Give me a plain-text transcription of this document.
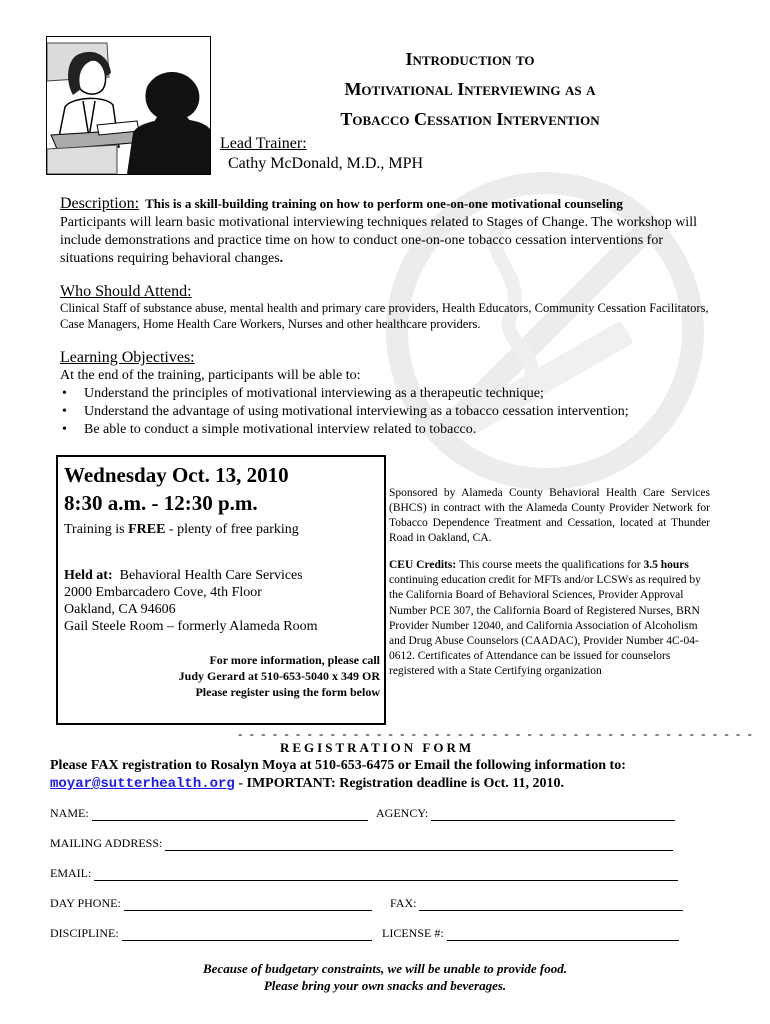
Introduction to
Motivational Interviewing as a
Tobacco Cessation Intervention
Lead Trainer:
Cathy McDonald, M.D., MPH
Description: This is a skill-building training on how to perform one-on-one motivational counseling
Participants will learn basic motivational interviewing techniques related to Stages of Change. The workshop will include demonstrations and practice time on how to conduct one-on-one tobacco cessation interventions for situations requiring behavioral changes.
Who Should Attend:
Clinical Staff of substance abuse, mental health and primary care providers, Health Educators, Community Cessation Facilitators, Case Managers, Home Health Care Workers, Nurses and other healthcare providers.
Learning Objectives:
At the end of the training, participants will be able to:
• Understand the principles of motivational interviewing as a therapeutic technique;
• Understand the advantage of using motivational interviewing as a tobacco cessation intervention;
• Be able to conduct a simple motivational interview related to tobacco.
Wednesday Oct. 13, 2010
8:30 a.m. - 12:30 p.m.
Training is FREE - plenty of free parking
Held at: Behavioral Health Care Services
2000 Embarcadero Cove, 4th Floor
Oakland, CA 94606
Gail Steele Room – formerly Alameda Room
For more information, please call
Judy Gerard at 510-653-5040 x 349 OR
Please register using the form below
Sponsored by Alameda County Behavioral Health Care Services (BHCS) in contract with the Alameda County Provider Network for Tobacco Dependence Treatment and Cessation, located at Thunder Road in Oakland, CA.
CEU Credits: This course meets the qualifications for 3.5 hours continuing education credit for MFTs and/or LCSWs as required by the California Board of Behavioral Sciences, Provider Approval Number PCE 307, the California Board of Registered Nurses, BRN Provider Number 12040, and California Association of Alcoholism and Drug Abuse Counselors (CAADAC), Provider Number 4C-04-0612. Certificates of Attendance can be issued for counselors registered with a State Certifying organization
- - - - - - - - - - - - - - - - - - - - - - - - - - - - - - - - - - - - - - - - - - - - -
REGISTRATION FORM
Please FAX registration to Rosalyn Moya at 510-653-6475 or Email the following information to:
moyar@sutterhealth.org - IMPORTANT: Registration deadline is Oct. 11, 2010.
NAME:	AGENCY:
MAILING ADDRESS:
EMAIL:
DAY PHONE:	FAX:
DISCIPLINE:	LICENSE #:
Because of budgetary constraints, we will be unable to provide food.
Please bring your own snacks and beverages.
